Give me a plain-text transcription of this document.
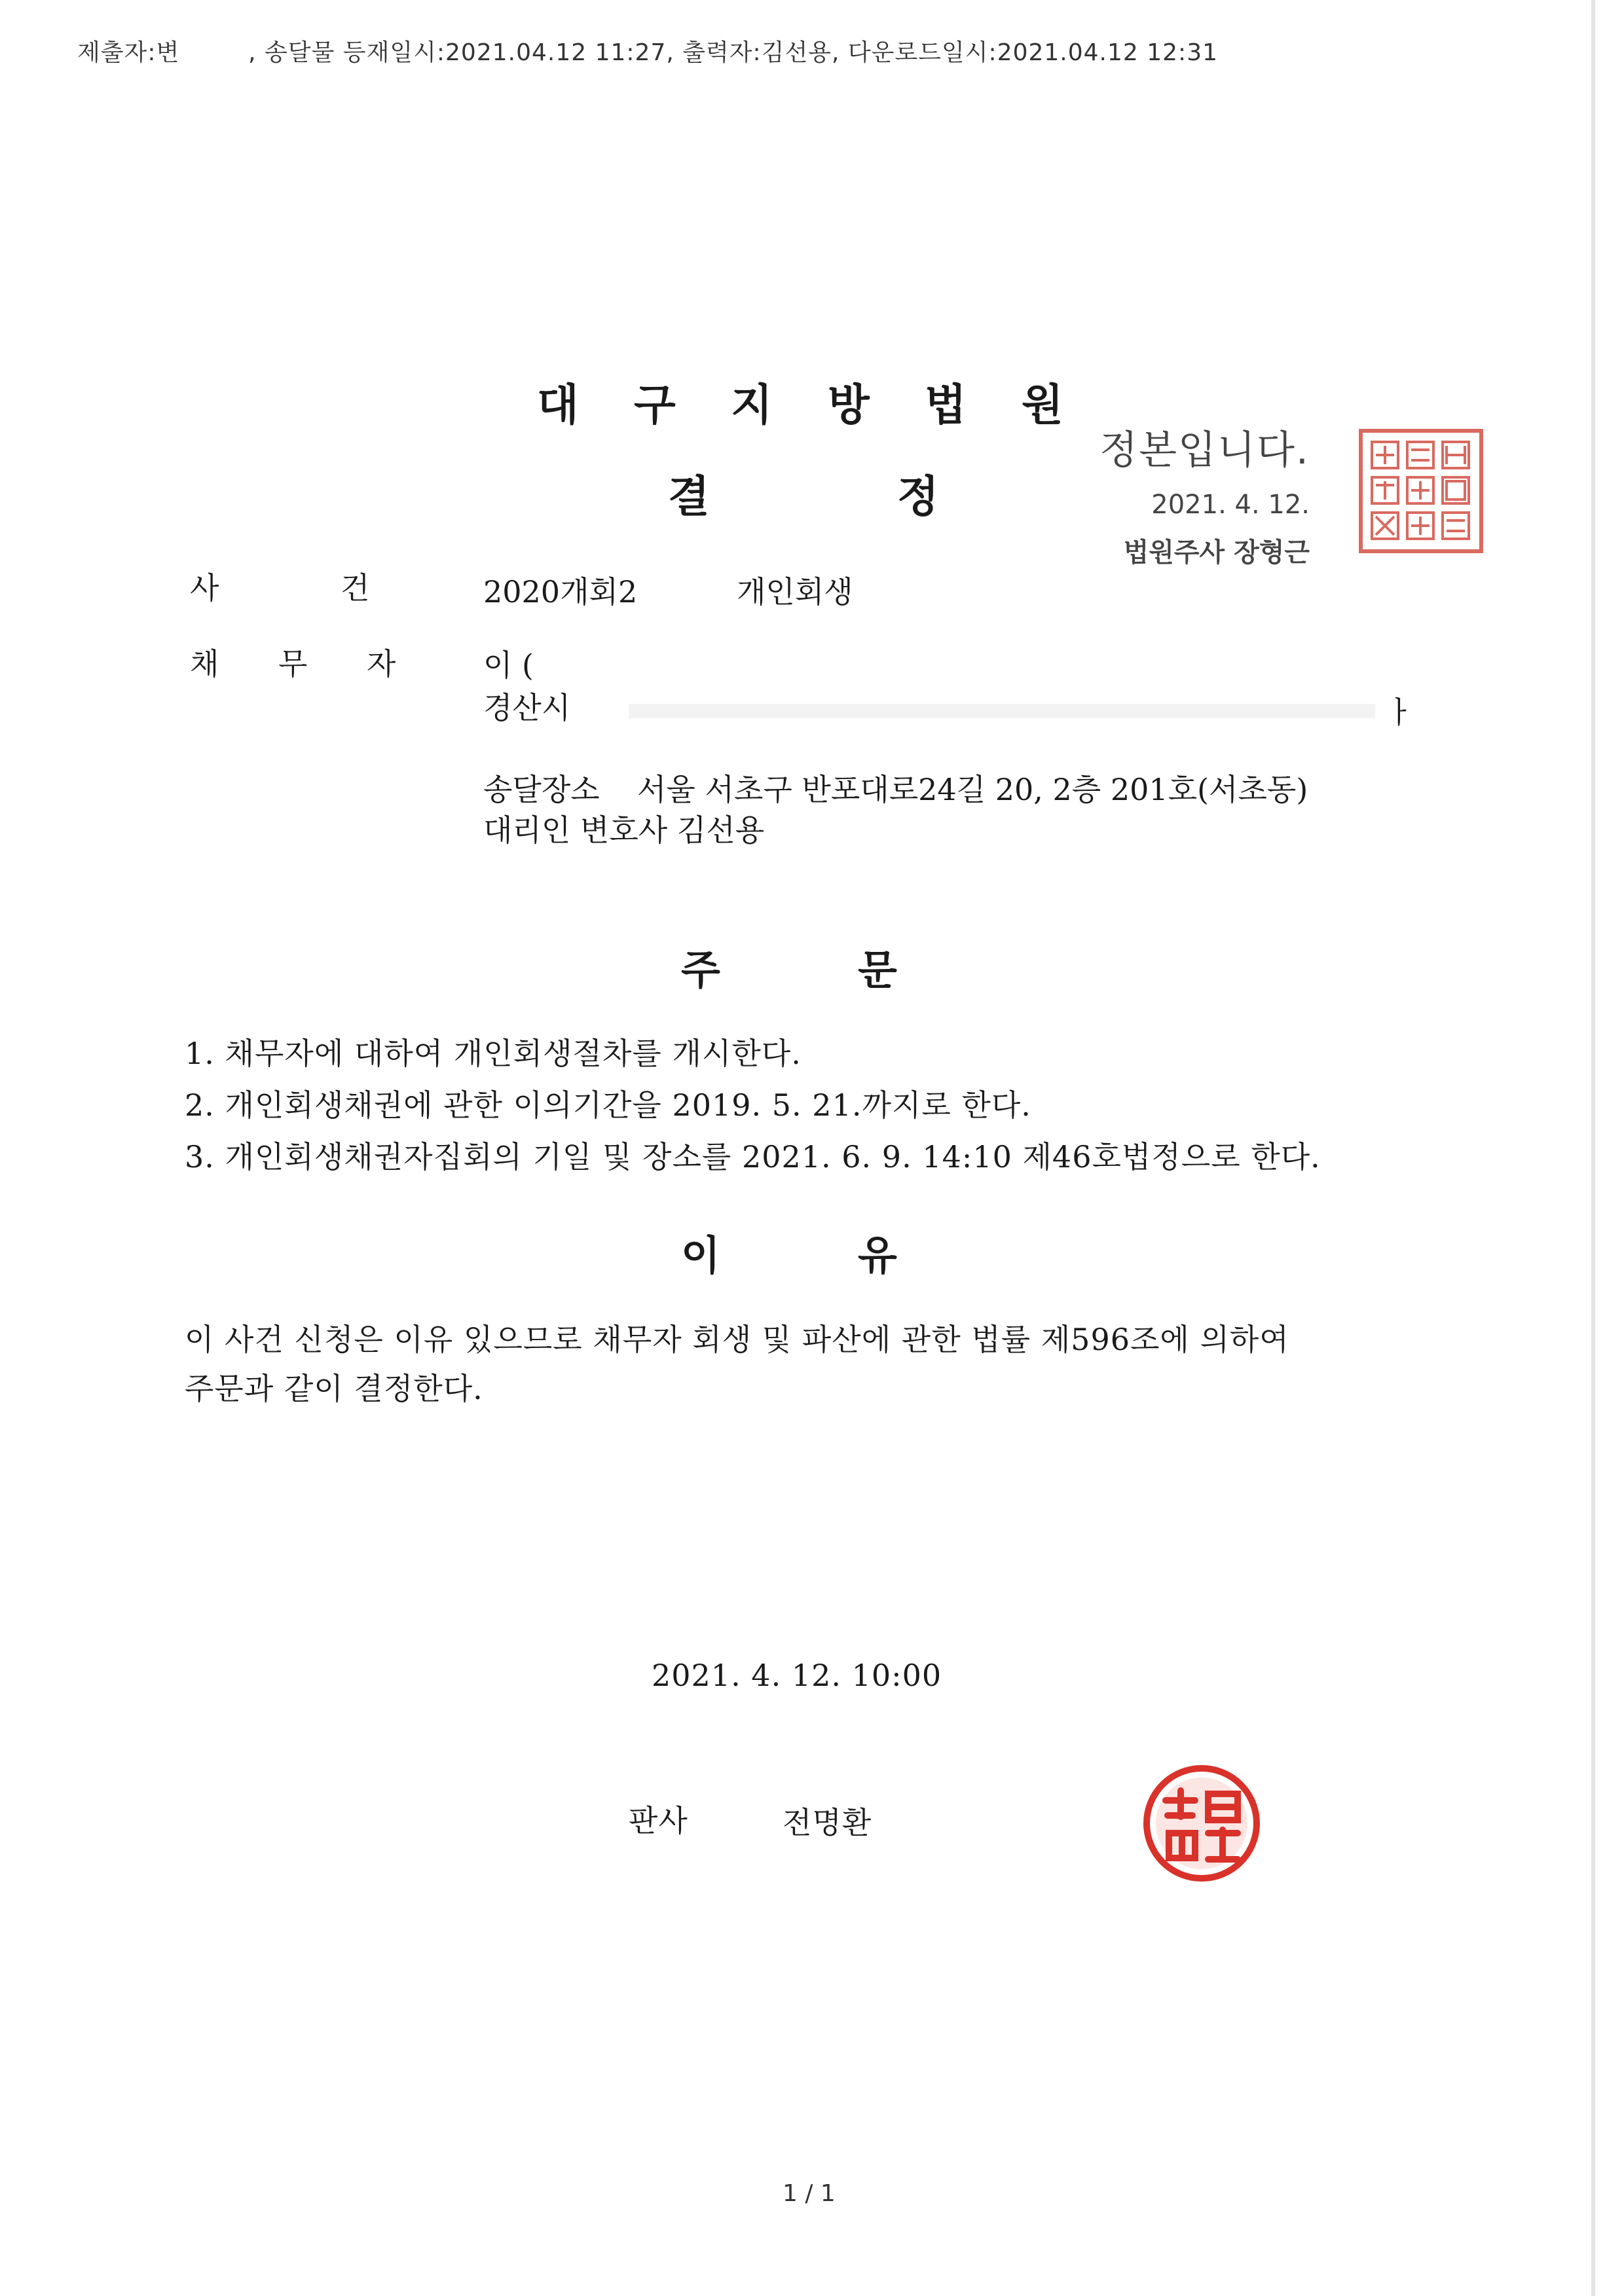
제출자:변	, 송달물 등재일시:2021.04.12 11:27, 출력자:김선용, 다운로드일시:2021.04.12 12:31
대 구 지 방 법 원
결	정
정본입니다.
2021. 4. 12.
법원주사 장형근
사	건	2020개회2	개인회생
채 무 자	이 (
경산시	ㅏ
송달장소 서울 서초구 반포대로24길 20, 2층 201호(서초동)
대리인 변호사 김선용
주	문
1. 채무자에 대하여 개인회생절차를 개시한다.
2. 개인회생채권에 관한 이의기간을 2019. 5. 21.까지로 한다.
3. 개인회생채권자집회의 기일 및 장소를 2021. 6. 9. 14:10 제46호법정으로 한다.
이	유
이 사건 신청은 이유 있으므로 채무자 회생 및 파산에 관한 법률 제596조에 의하여
주문과 같이 결정한다.
2021. 4. 12. 10:00
판사	전명환
1 / 1
